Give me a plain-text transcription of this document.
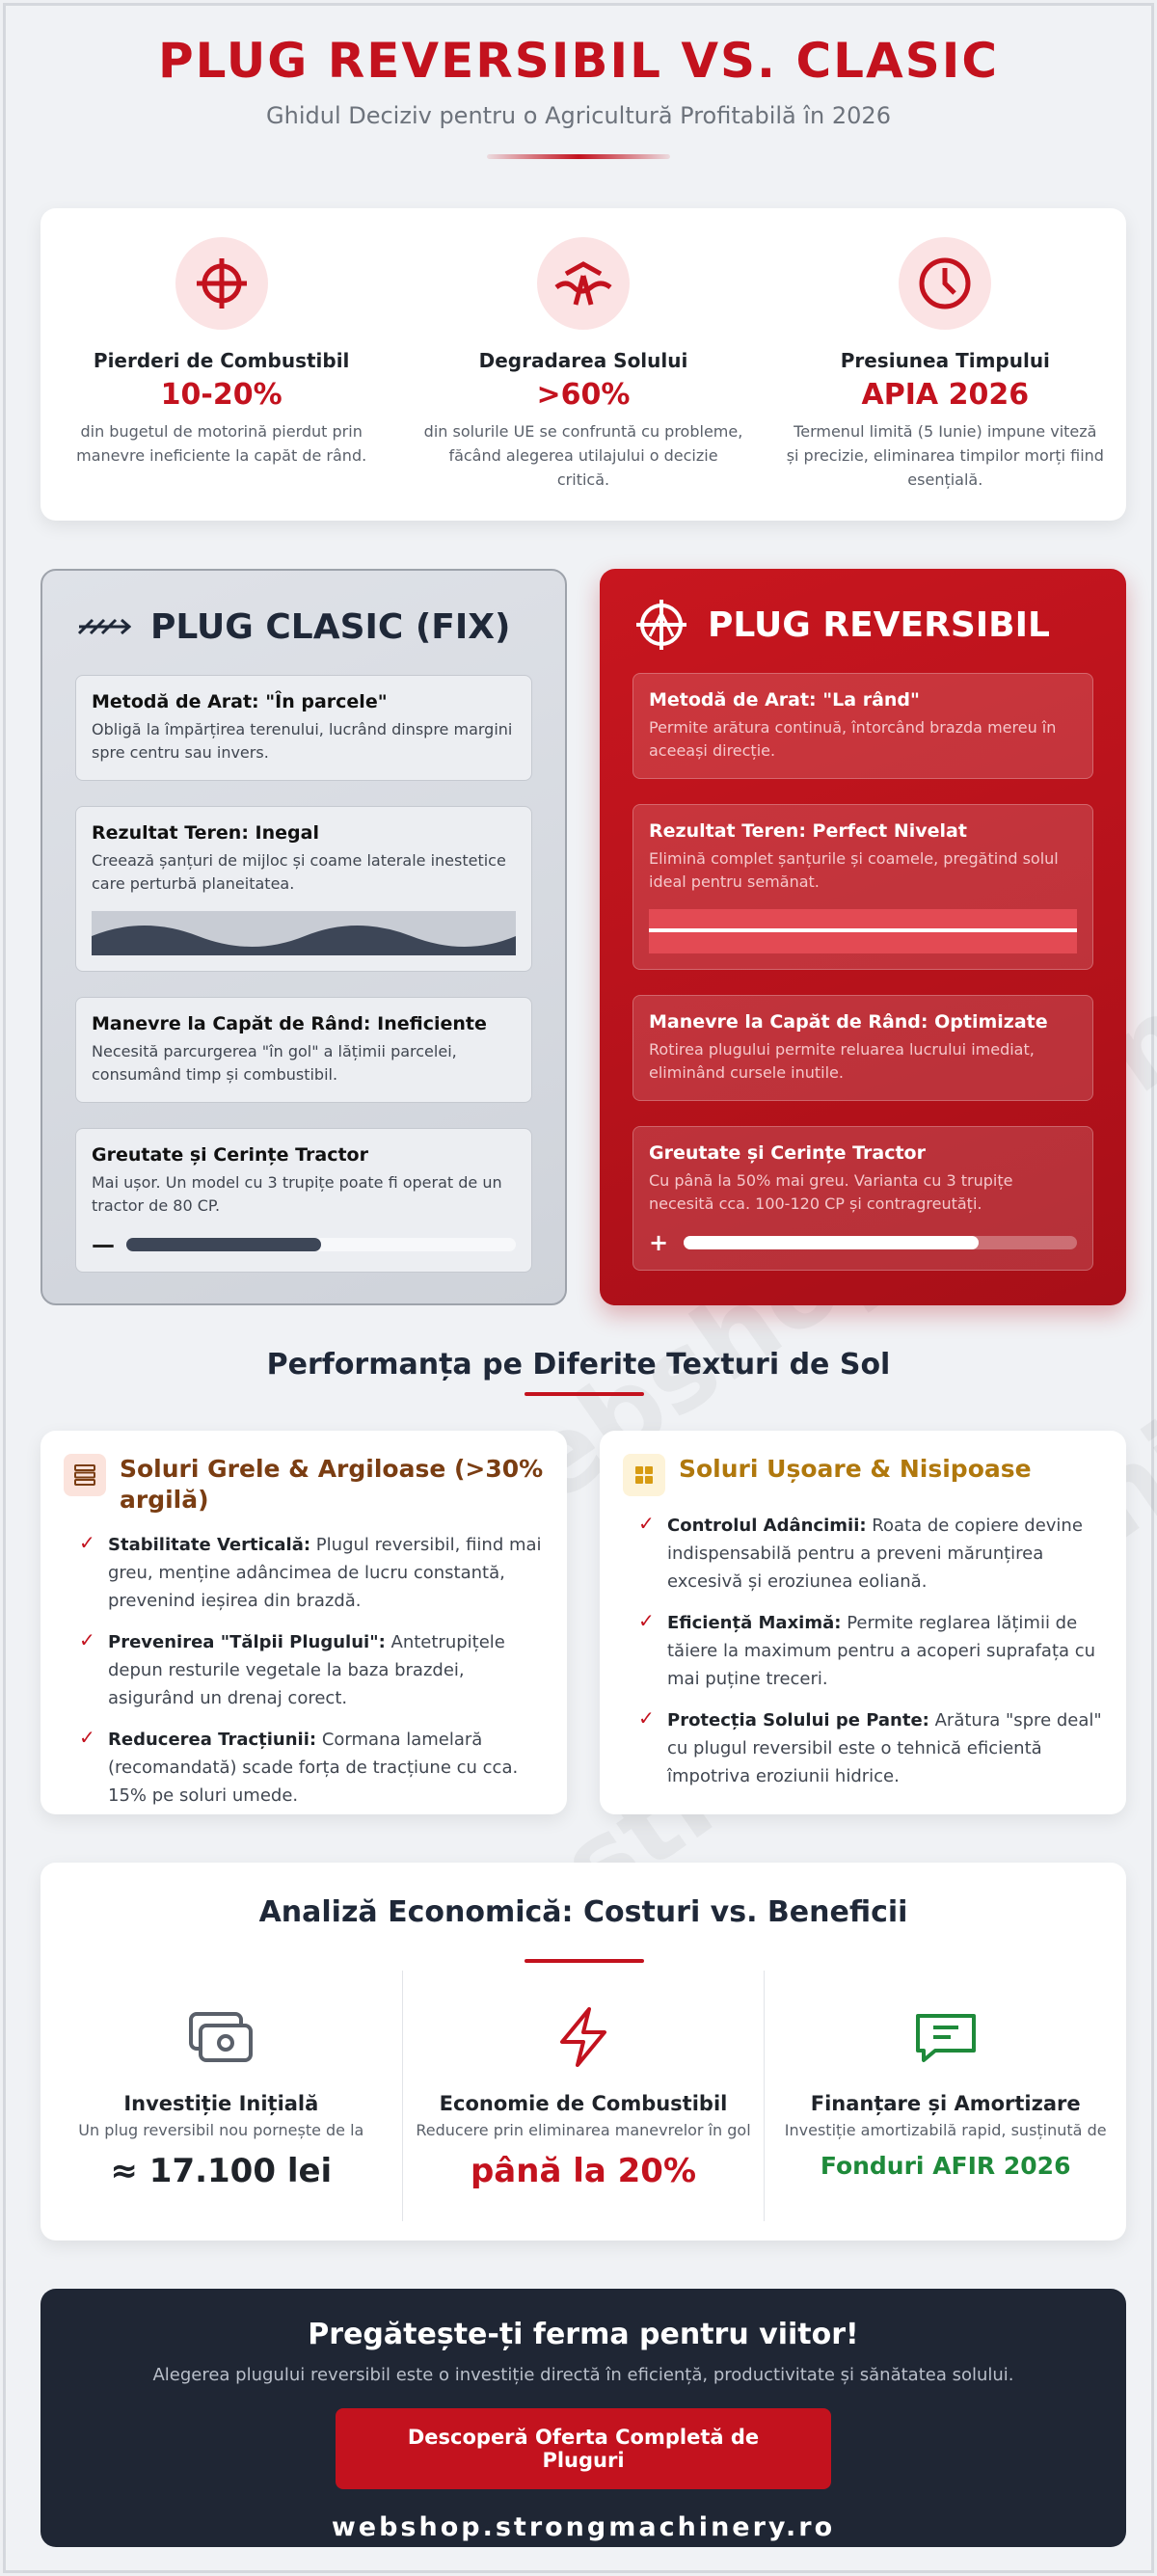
PLUG REVERSIBIL VS. CLASIC
Ghidul Deciziv pentru o Agricultură Profitabilă în 2026
Pierderi de Combustibil
10-20%
din bugetul de motorină pierdut prin manevre ineficiente la capăt de rând.
Degradarea Solului
>60%
din solurile UE se confruntă cu probleme, făcând alegerea utilajului o decizie critică.
Presiunea Timpului
APIA 2026
Termenul limită (5 Iunie) impune viteză și precizie, eliminarea timpilor morți fiind esențială.
PLUG CLASIC (FIX)
Metodă de Arat: "În parcele"
Obligă la împărțirea terenului, lucrând dinspre margini spre centru sau invers.
Rezultat Teren: Inegal
Creează șanțuri de mijloc și coame laterale inestetice care perturbă planeitatea.
Manevre la Capăt de Rând: Ineficiente
Necesită parcurgerea "în gol" a lățimii parcelei, consumând timp și combustibil.
Greutate și Cerințe Tractor
Mai ușor. Un model cu 3 trupițe poate fi operat de un tractor de 80 CP.
—
PLUG REVERSIBIL
Metodă de Arat: "La rând"
Permite arătura continuă, întorcând brazda mereu în aceeași direcție.
Rezultat Teren: Perfect Nivelat
Elimină complet șanțurile și coamele, pregătind solul ideal pentru semănat.
Manevre la Capăt de Rând: Optimizate
Rotirea plugului permite reluarea lucrului imediat, eliminând cursele inutile.
Greutate și Cerințe Tractor
Cu până la 50% mai greu. Varianta cu 3 trupițe necesită cca. 100-120 CP și contragreutăți.
+
Performanța pe Diferite Texturi de Sol
Soluri Grele & Argiloase (>30% argilă)
✓ Stabilitate Verticală: Plugul reversibil, fiind mai greu, menține adâncimea de lucru constantă, prevenind ieșirea din brazdă.
✓ Prevenirea "Tălpii Plugului": Antetrupițele depun resturile vegetale la baza brazdei, asigurând un drenaj corect.
✓ Reducerea Tracțiunii: Cormana lamelară (recomandată) scade forța de tracțiune cu cca. 15% pe soluri umede.
Soluri Ușoare & Nisipoase
✓ Controlul Adâncimii: Roata de copiere devine indispensabilă pentru a preveni mărunțirea excesivă și eroziunea eoliană.
✓ Eficiență Maximă: Permite reglarea lățimii de tăiere la maximum pentru a acoperi suprafața cu mai puține treceri.
✓ Protecția Solului pe Pante: Arătura "spre deal" cu plugul reversibil este o tehnică eficientă împotriva eroziunii hidrice.
Analiză Economică: Costuri vs. Beneficii
Investiție Inițială
Un plug reversibil nou pornește de la
≈ 17.100 lei
Economie de Combustibil
Reducere prin eliminarea manevrelor în gol
până la 20%
Finanțare și Amortizare
Investiție amortizabilă rapid, susținută de
Fonduri AFIR 2026
Pregătește-ți ferma pentru viitor!
Alegerea plugului reversibil este o investiție directă în eficiență, productivitate și sănătatea solului.
Descoperă Oferta Completă de Pluguri
webshop.strongmachinery.ro
